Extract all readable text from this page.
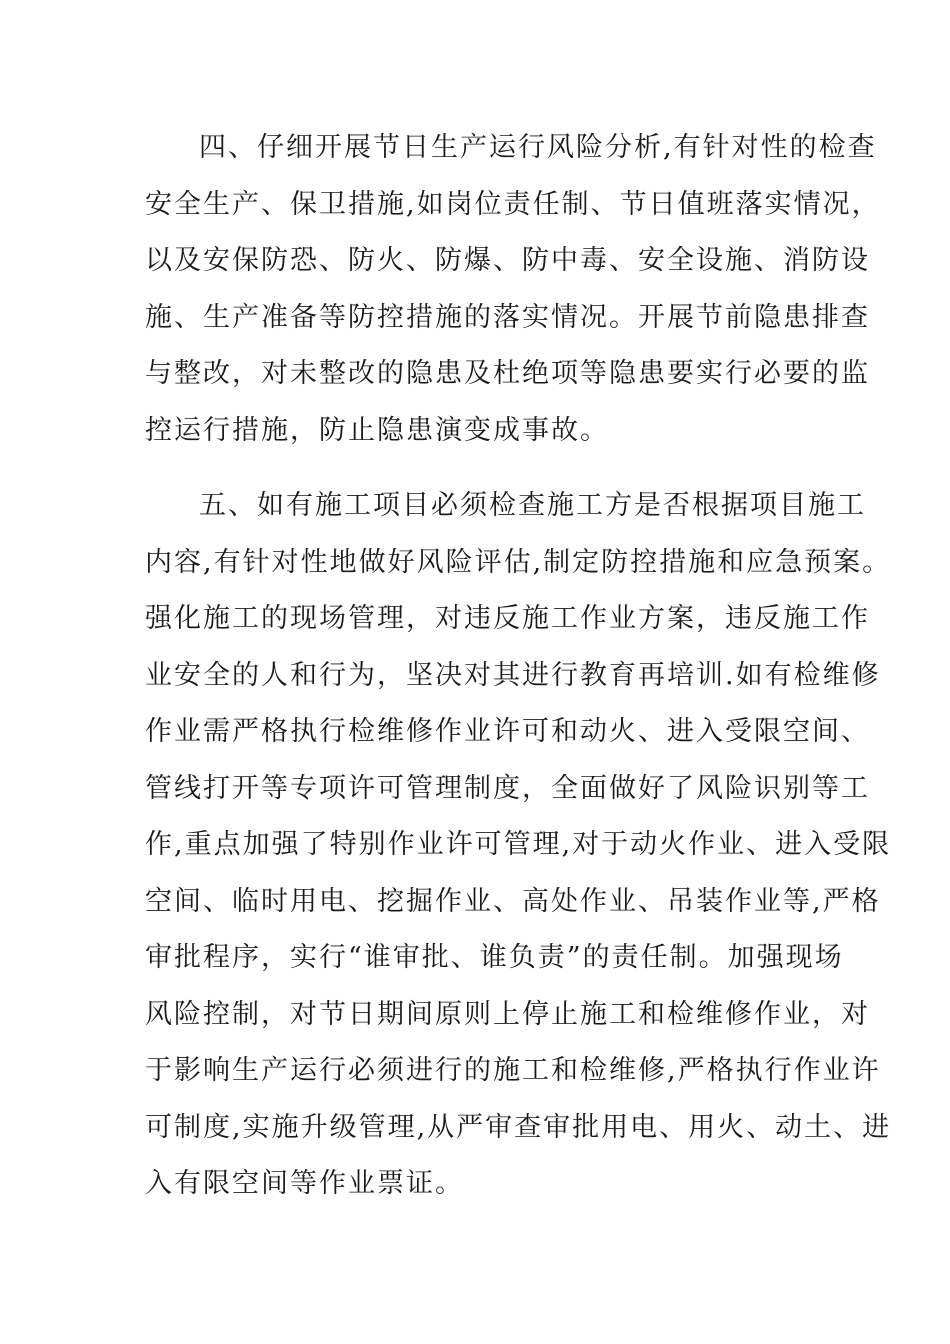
四、仔细开展节日生产运行风险分析,有针对性的检查
安全生产、保卫措施,如岗位责任制、节日值班落实情况，
以及安保防恐、防火、防爆、防中毒、安全设施、消防设
施、生产准备等防控措施的落实情况。开展节前隐患排查
与整改，对未整改的隐患及杜绝项等隐患要实行必要的监
控运行措施，防止隐患演变成事故。
五、如有施工项目必须检查施工方是否根据项目施工
内容,有针对性地做好风险评估,制定防控措施和应急预案。
强化施工的现场管理，对违反施工作业方案，违反施工作
业安全的人和行为，坚决对其进行教育再培训.如有检维修
作业需严格执行检维修作业许可和动火、进入受限空间、
管线打开等专项许可管理制度，全面做好了风险识别等工
作,重点加强了特别作业许可管理,对于动火作业、进入受限
空间、临时用电、挖掘作业、高处作业、吊装作业等,严格
审批程序，实行“谁审批、谁负责”的责任制。加强现场
风险控制，对节日期间原则上停止施工和检维修作业，对
于影响生产运行必须进行的施工和检维修,严格执行作业许
可制度,实施升级管理,从严审查审批用电、用火、动土、进
入有限空间等作业票证。
